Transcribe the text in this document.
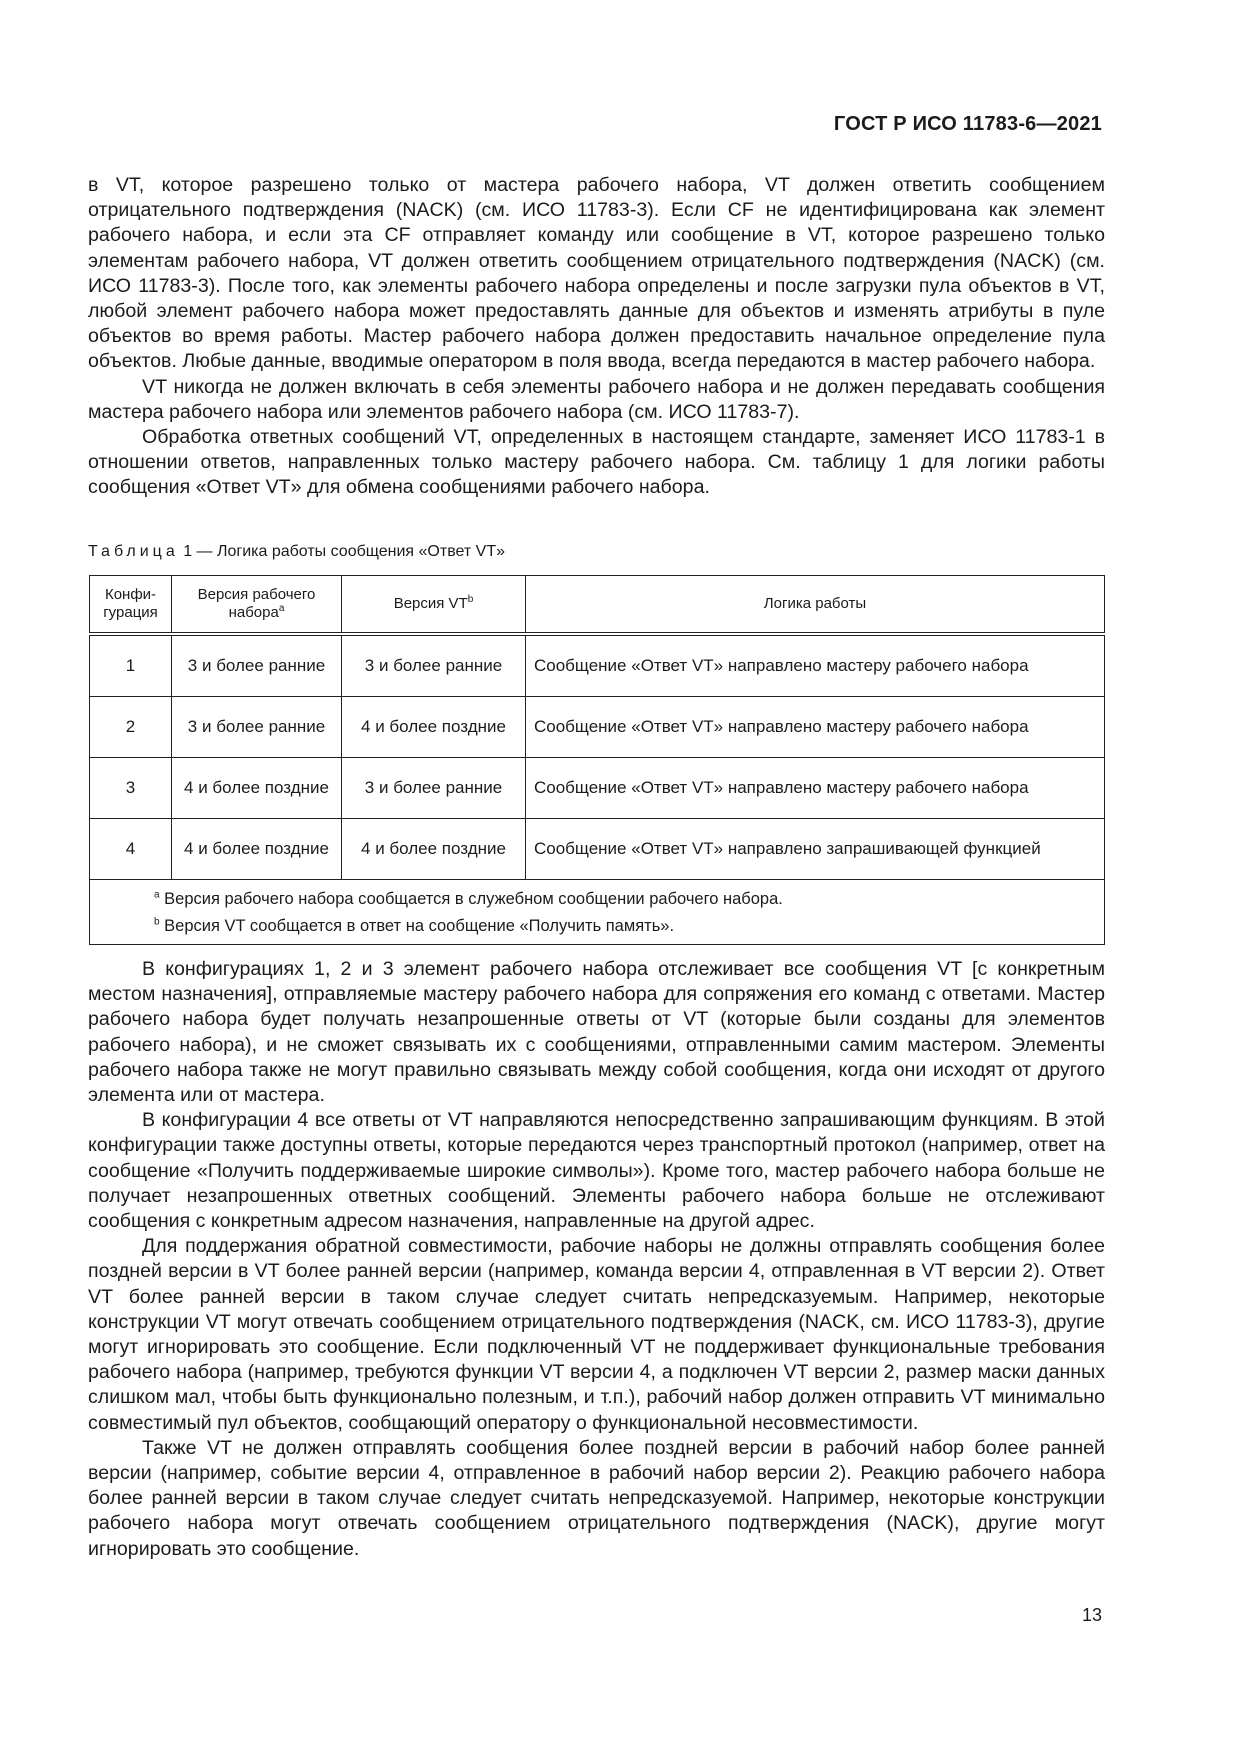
ГОСТ Р ИСО 11783-6—2021

в VT, которое разрешено только от мастера рабочего набора, VT должен ответить сообщением отрицательного подтверждения (NACK) (см. ИСО 11783-3). Если CF не идентифицирована как элемент рабочего набора, и если эта CF отправляет команду или сообщение в VT, которое разрешено только элементам рабочего набора, VT должен ответить сообщением отрицательного подтверждения (NACK) (см. ИСО 11783-3). После того, как элементы рабочего набора определены и после загрузки пула объектов в VT, любой элемент рабочего набора может предоставлять данные для объектов и изменять атрибуты в пуле объектов во время работы. Мастер рабочего набора должен предоставить начальное определение пула объектов. Любые данные, вводимые оператором в поля ввода, всегда передаются в мастер рабочего набора.

VT никогда не должен включать в себя элементы рабочего набора и не должен передавать сообщения мастера рабочего набора или элементов рабочего набора (см. ИСО 11783-7).

Обработка ответных сообщений VT, определенных в настоящем стандарте, заменяет ИСО 11783-1 в отношении ответов, направленных только мастеру рабочего набора. См. таблицу 1 для логики работы сообщения «Ответ VT» для обмена сообщениями рабочего набора.

Таблица 1 — Логика работы сообщения «Ответ VT»
Конфи-гурация	Версия рабочего набора$^a$	Версия $VT^b$	Логика работы
1	3 и более ранние	3 и более ранние	Сообщение «Ответ VT» направлено мастеру рабочего набора
2	3 и более ранние	4 и более поздние	Сообщение «Ответ VT» направлено мастеру рабочего набора
3	4 и более поздние	3 и более ранние	Сообщение «Ответ VT» направлено мастеру рабочего набора
4	4 и более поздние	4 и более поздние	Сообщение «Ответ VT» направлено запрашивающей функцией

$^a$ Версия рабочего набора сообщается в служебном сообщении рабочего набора.
$^b$ Версия VT сообщается в ответ на сообщение «Получить память».			

В конфигурациях 1, 2 и 3 элемент рабочего набора отслеживает все сообщения VT [с конкретным местом назначения], отправляемые мастеру рабочего набора для сопряжения его команд с ответами. Мастер рабочего набора будет получать незапрошенные ответы от VT (которые были созданы для элементов рабочего набора), и не сможет связывать их с сообщениями, отправленными самим мастером. Элементы рабочего набора также не могут правильно связывать между собой сообщения, когда они исходят от другого элемента или от мастера.

В конфигурации 4 все ответы от VT направляются непосредственно запрашивающим функциям. В этой конфигурации также доступны ответы, которые передаются через транспортный протокол (например, ответ на сообщение «Получить поддерживаемые широкие символы»). Кроме того, мастер рабочего набора больше не получает незапрошенных ответных сообщений. Элементы рабочего набора больше не отслеживают сообщения с конкретным адресом назначения, направленные на другой адрес.

Для поддержания обратной совместимости, рабочие наборы не должны отправлять сообщения более поздней версии в VT более ранней версии (например, команда версии 4, отправленная в VT версии 2). Ответ VT более ранней версии в таком случае следует считать непредсказуемым. Например, некоторые конструкции VT могут отвечать сообщением отрицательного подтверждения (NACK, см. ИСО 11783-3), другие могут игнорировать это сообщение. Если подключенный VT не поддерживает функциональные требования рабочего набора (например, требуются функции VT версии 4, а подключен VT версии 2, размер маски данных слишком мал, чтобы быть функционально полезным, и т.п.), рабочий набор должен отправить VT минимально совместимый пул объектов, сообщающий оператору о функциональной несовместимости.

Также VT не должен отправлять сообщения более поздней версии в рабочий набор более ранней версии (например, событие версии 4, отправленное в рабочий набор версии 2). Реакцию рабочего набора более ранней версии в таком случае следует считать непредсказуемой. Например, некоторые конструкции рабочего набора могут отвечать сообщением отрицательного подтверждения (NACK), другие могут игнорировать это сообщение.

13
